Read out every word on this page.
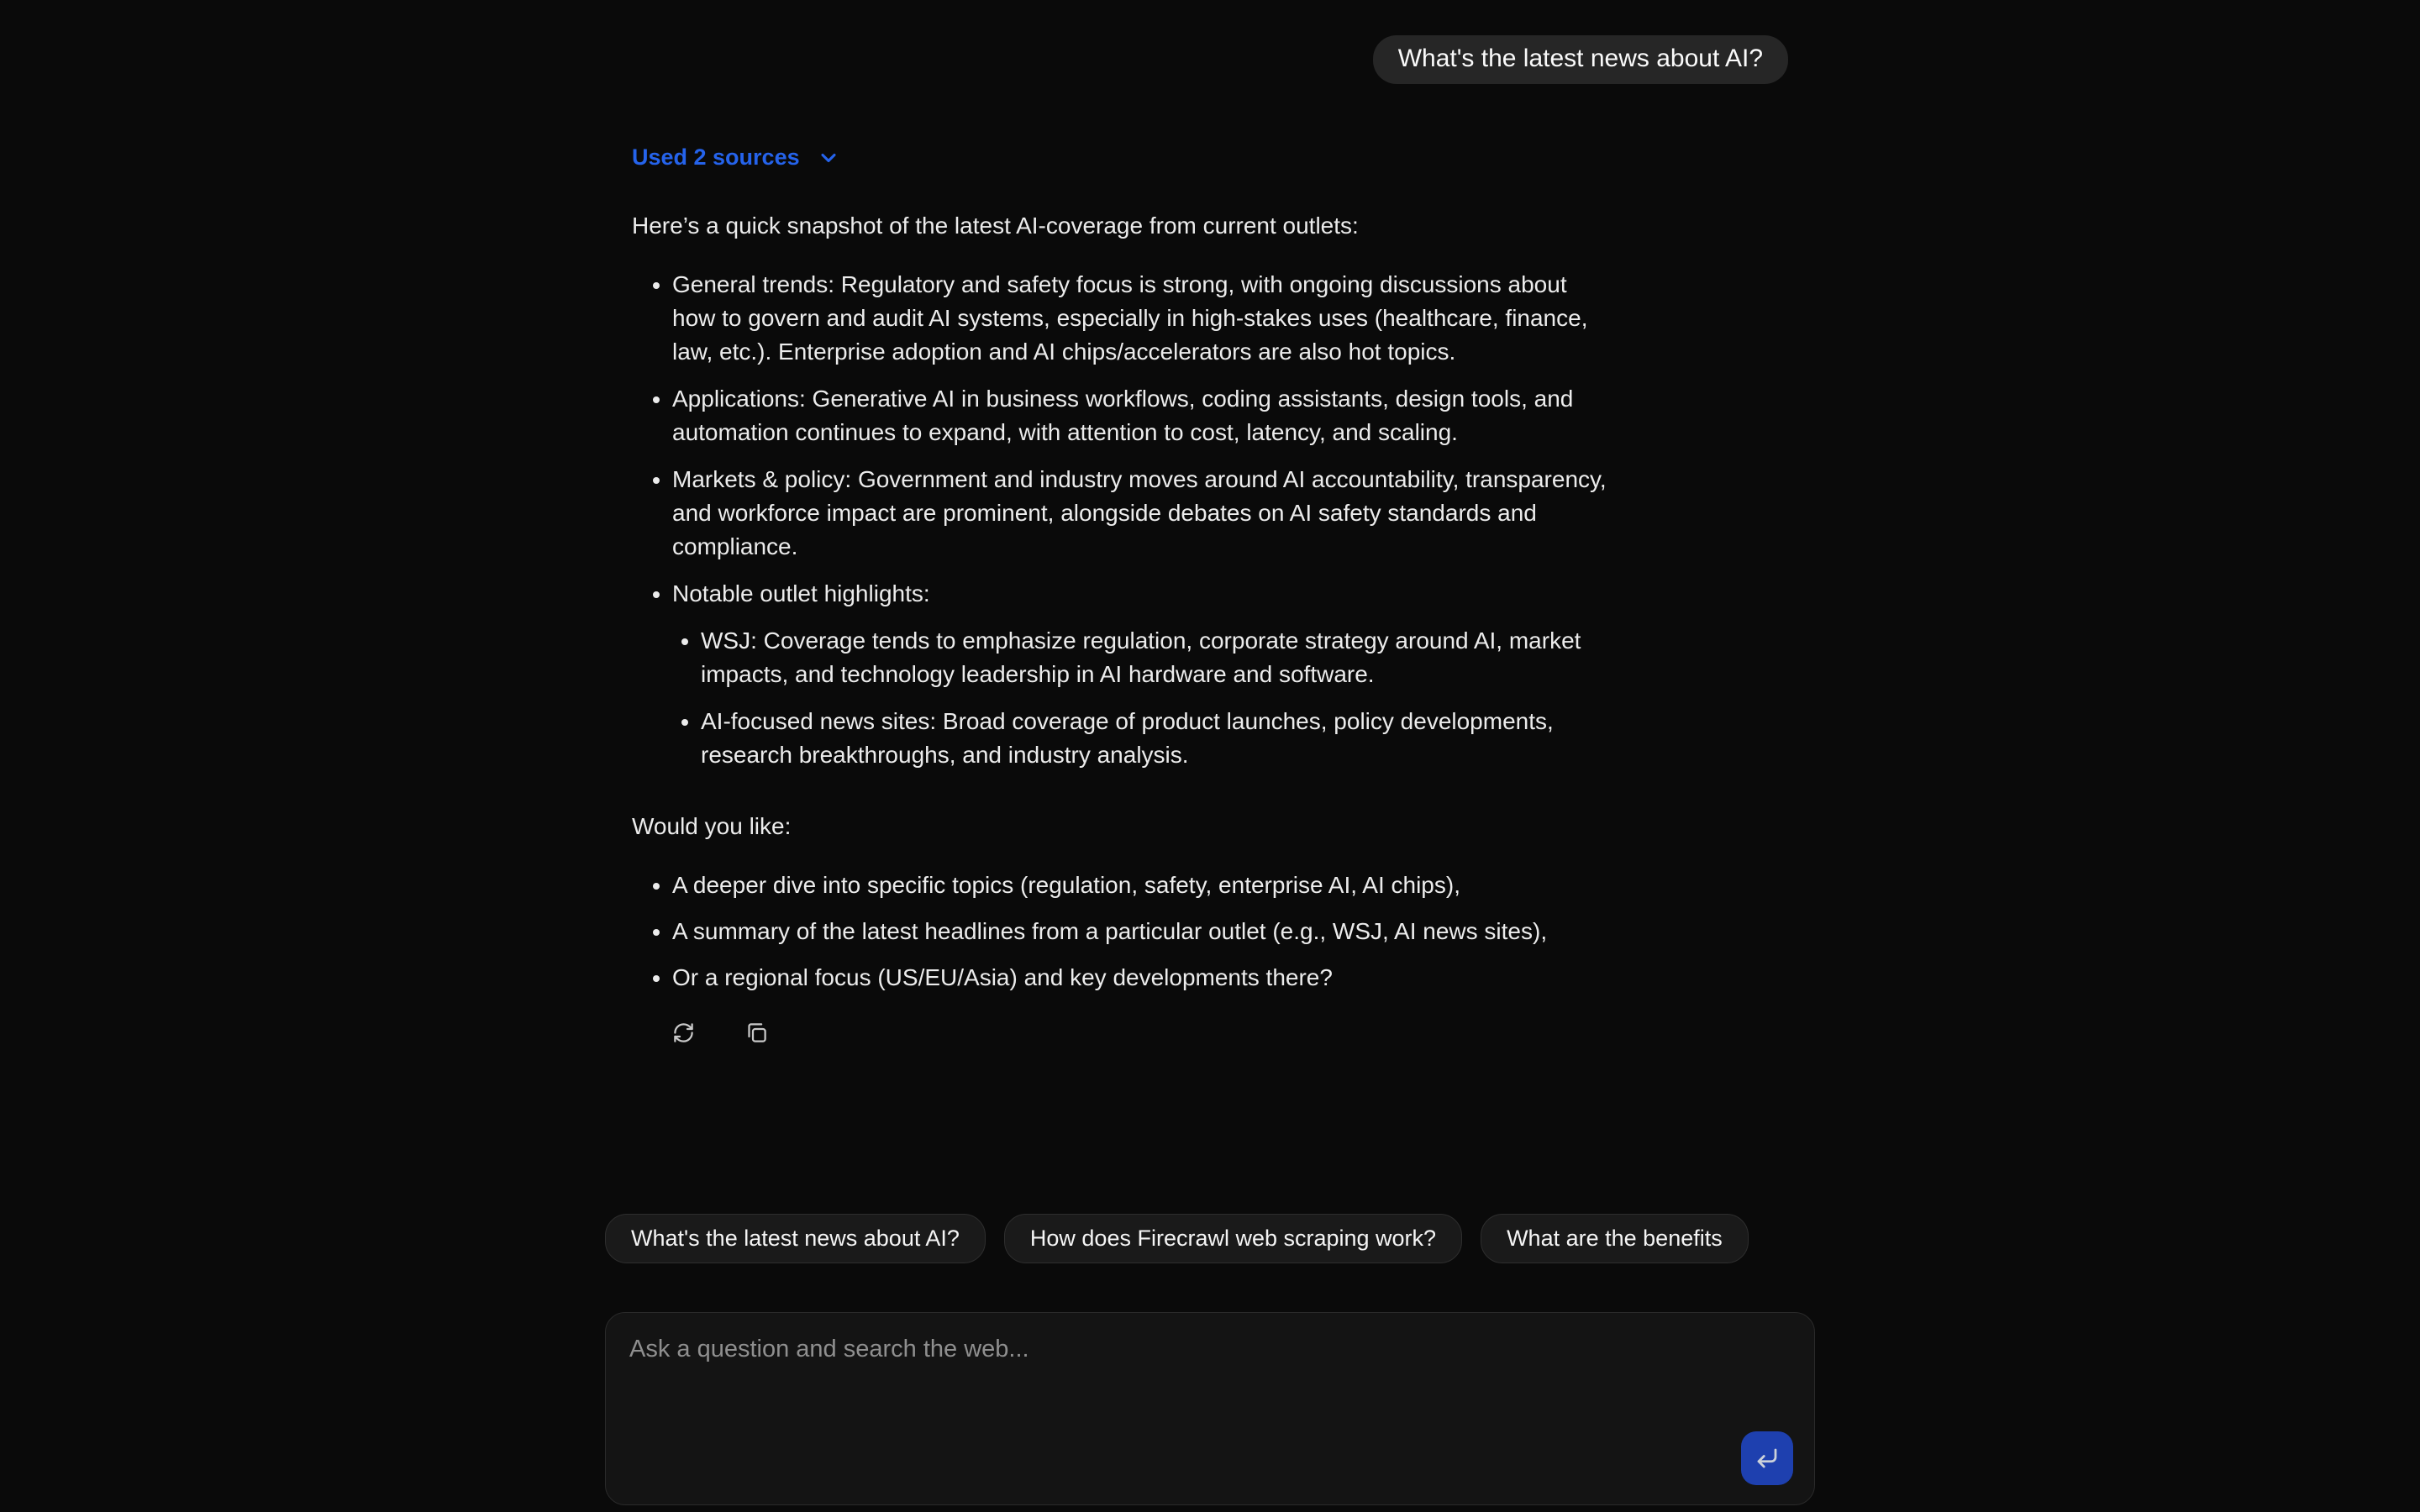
What's the latest news about AI?
Used 2 sources

Here’s a quick snapshot of the latest AI-coverage from current outlets:

• General trends: Regulatory and safety focus is strong, with ongoing discussions about how to govern and audit AI systems, especially in high-stakes uses (healthcare, finance, law, etc.). Enterprise adoption and AI chips/accelerators are also hot topics.
• Applications: Generative AI in business workflows, coding assistants, design tools, and automation continues to expand, with attention to cost, latency, and scaling.
• Markets & policy: Government and industry moves around AI accountability, transparency, and workforce impact are prominent, alongside debates on AI safety standards and compliance.
• Notable outlet highlights:
• WSJ: Coverage tends to emphasize regulation, corporate strategy around AI, market impacts, and technology leadership in AI hardware and software.
• AI-focused news sites: Broad coverage of product launches, policy developments, research breakthroughs, and industry analysis.

Would you like:

• A deeper dive into specific topics (regulation, safety, enterprise AI, AI chips),
• A summary of the latest headlines from a particular outlet (e.g., WSJ, AI news sites),
• Or a regional focus (US/EU/Asia) and key developments there?
What's the latest news about AI?	How does Firecrawl web scraping work?	What are the benefits
Ask a question and search the web...
